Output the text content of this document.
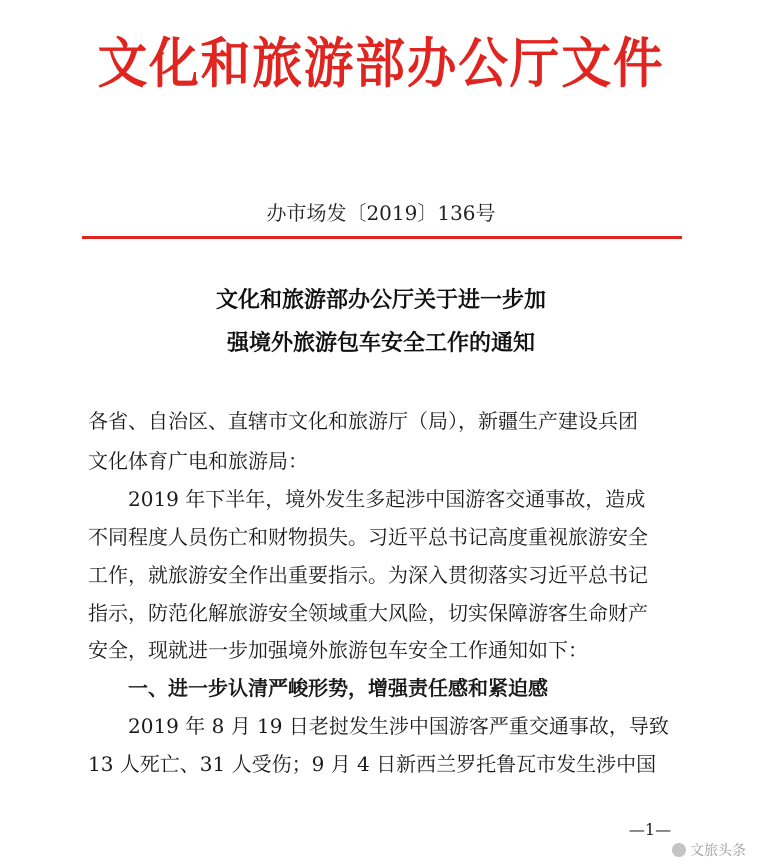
文化和旅游部办公厅文件
办市场发〔2019〕136号
文化和旅游部办公厅关于进一步加
强境外旅游包车安全工作的通知
各省、自治区、直辖市文化和旅游厅（局），新疆生产建设兵团
文化体育广电和旅游局：
2019 年下半年，境外发生多起涉中国游客交通事故，造成
不同程度人员伤亡和财物损失。习近平总书记高度重视旅游安全
工作，就旅游安全作出重要指示。为深入贯彻落实习近平总书记
指示，防范化解旅游安全领域重大风险，切实保障游客生命财产
安全，现就进一步加强境外旅游包车安全工作通知如下：
一、进一步认清严峻形势，增强责任感和紧迫感
2019 年 8 月 19 日老挝发生涉中国游客严重交通事故，导致
13 人死亡、31 人受伤；9 月 4 日新西兰罗托鲁瓦市发生涉中国
—1—
文旅头条
